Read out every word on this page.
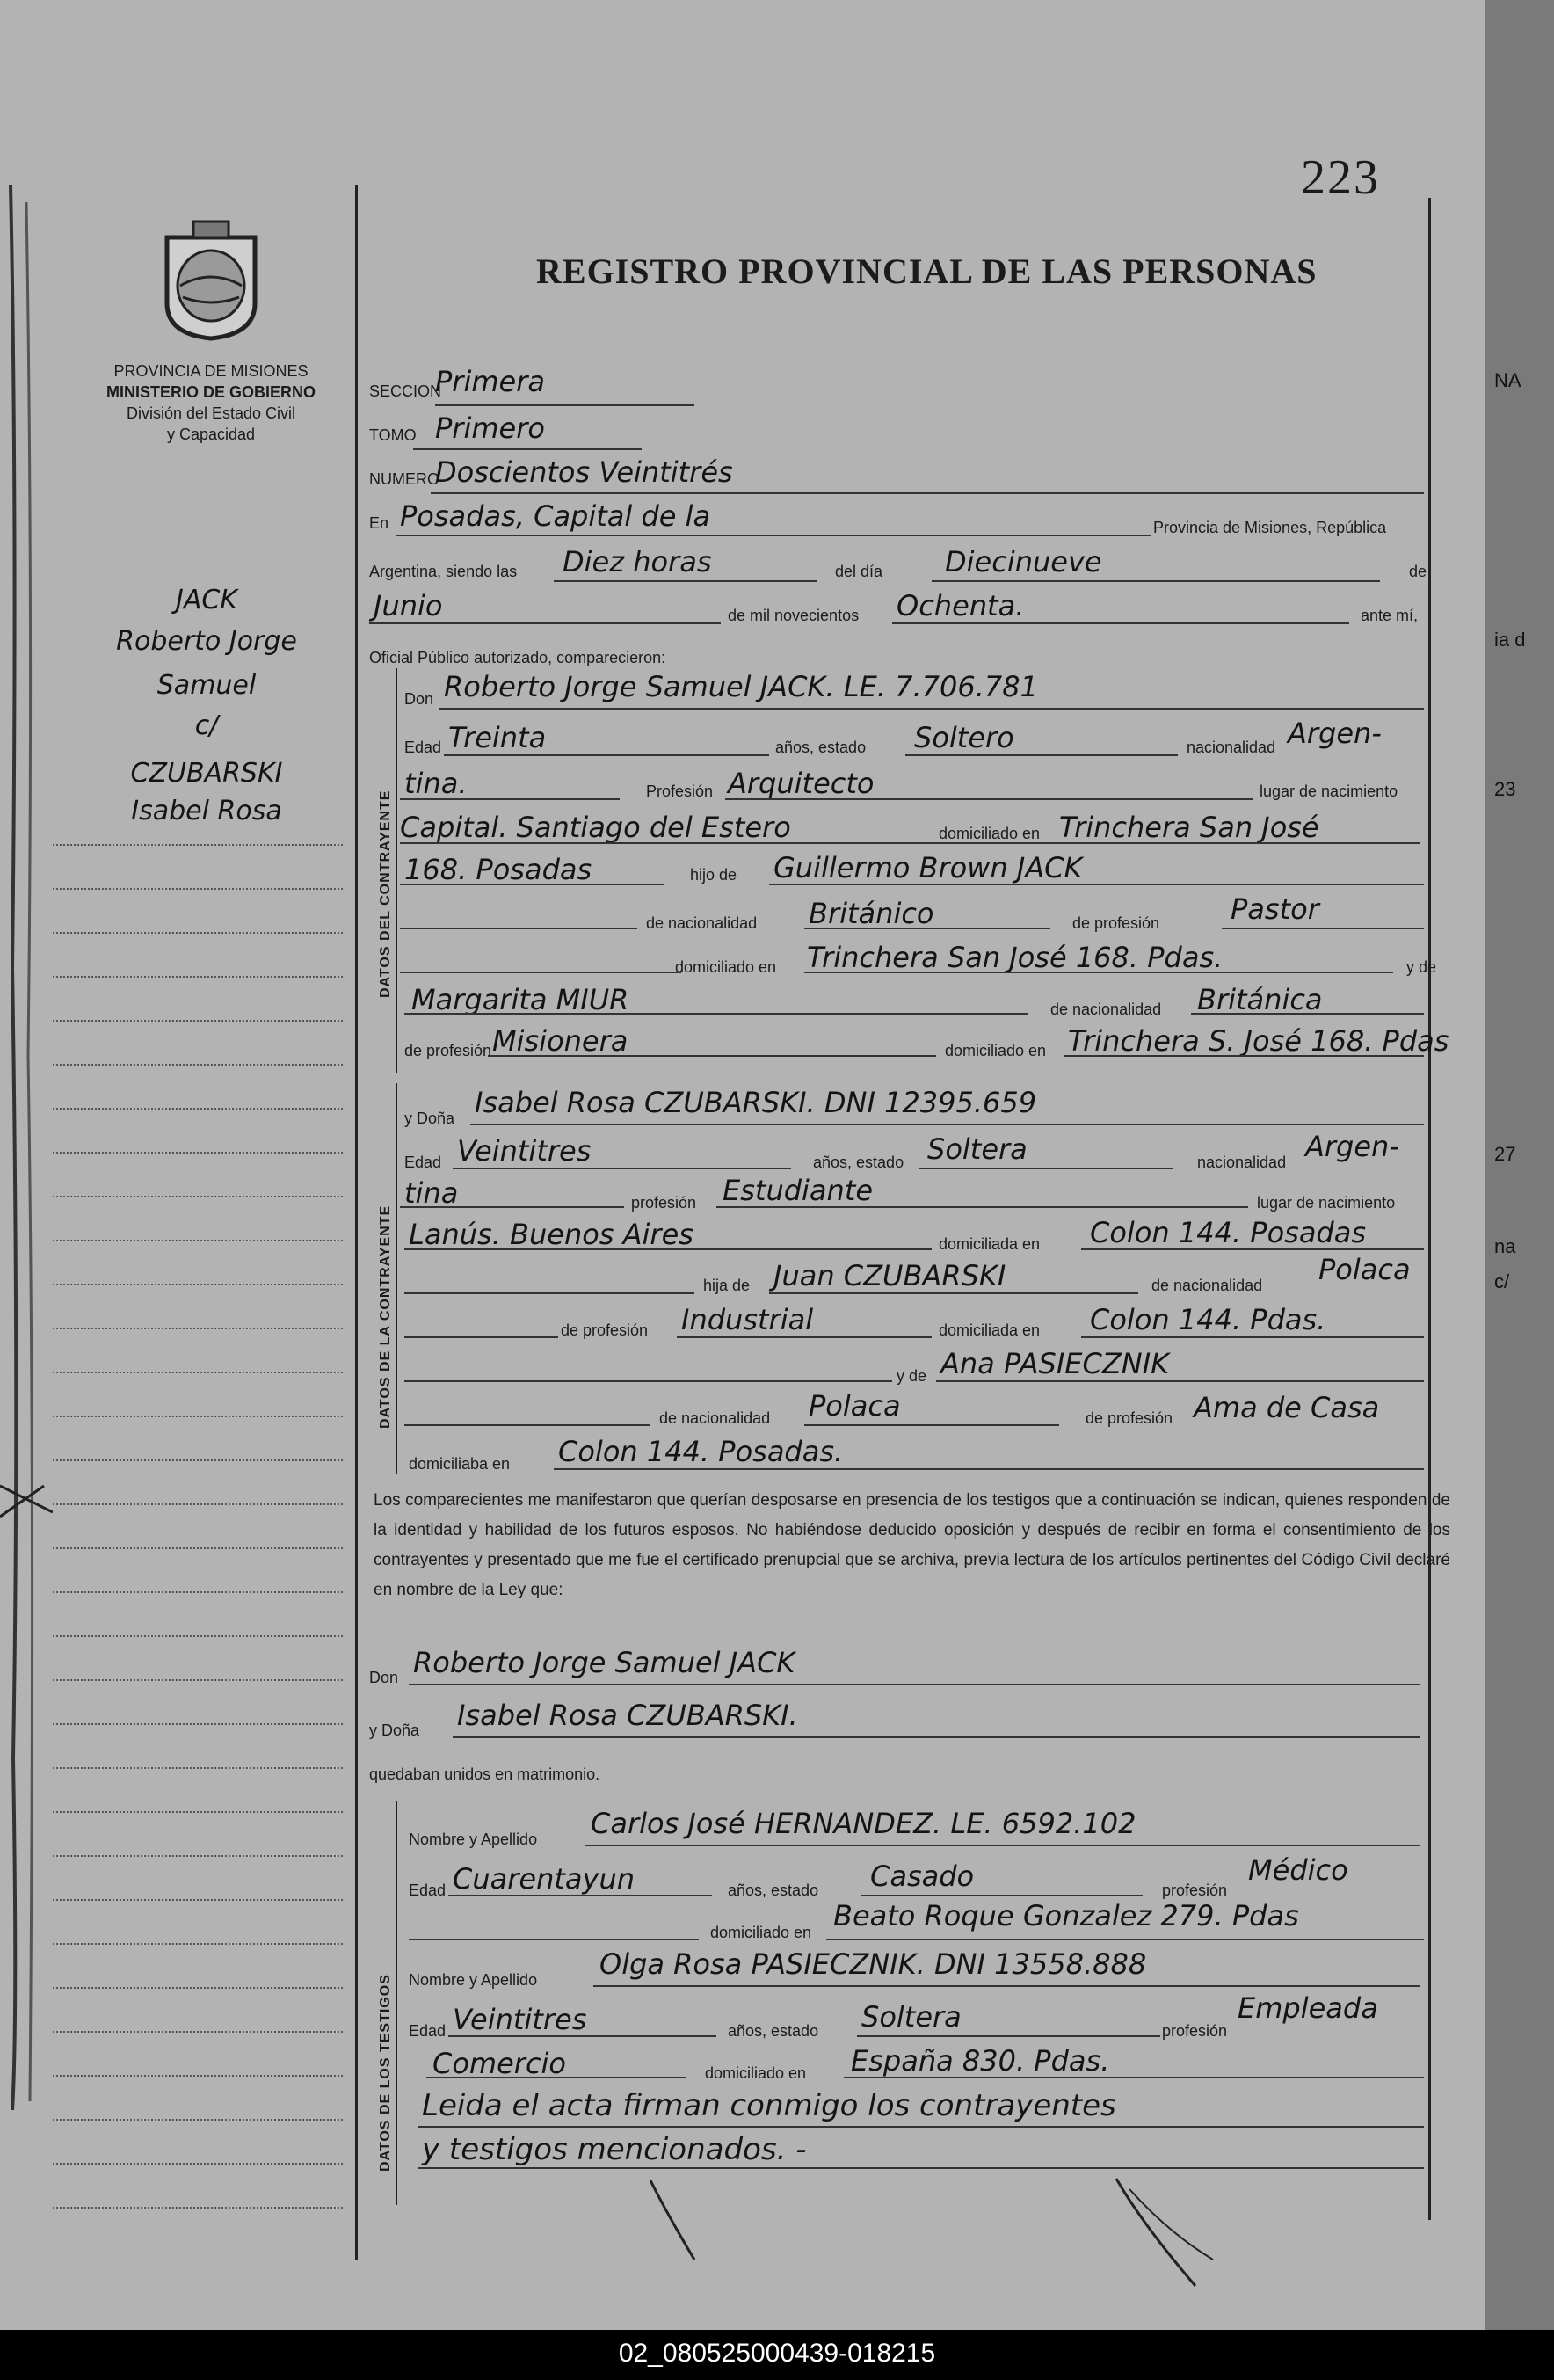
223
REGISTRO PROVINCIAL DE LAS PERSONAS
PROVINCIA DE MISIONES
MINISTERIO DE GOBIERNO
División del Estado Civil
y Capacidad
JACK
Roberto Jorge
Samuel
c/
CZUBARSKI
Isabel Rosa	DATOS DEL CONTRAYENTE
DATOS DE LA CONTRAYENTE
DATOS DE LOS TESTIGOS
SECCION
Primera
TOMO Primero
NUMERO
Doscientos Veintitrés
En Posadas, Capital de la	Provincia de Misiones, República
Argentina, siendo las Diez horas	del día Diecinueve	de
Junio	de mil novecientos Ochenta.	ante mí,
Oficial Público autorizado, comparecieron:
Don Roberto Jorge Samuel JACK. LE. 7.706.781
Edad Treinta	años, estado Soltero	nacionalidad Argen-
tina.	Profesión Arquitecto	lugar de nacimiento
Capital. Santiago del Estero	domiciliado en Trinchera San José
168. Posadas	hijo de Guillermo Brown JACK
de nacionalidad Británico	de profesión	Pastor
domiciliado en Trinchera San José 168. Pdas.	y de
Margarita MIUR	de nacionalidad Británica
de profesión Misionera	domiciliado en Trinchera S. José 168. Pdas
y Doña Isabel Rosa CZUBARSKI. DNI 12395.659
Edad Veintitres	años, estado Soltera	nacionalidad Argen-
tina	profesión Estudiante	lugar de nacimiento
Lanús. Buenos Aires	domiciliada en Colon 144. Posadas
hija de Juan CZUBARSKI	de nacionalidad Polaca
de profesión Industrial	domiciliada en Colon 144. Pdas.
y de Ana PASIECZNIK
de nacionalidad Polaca	de profesión Ama de Casa
domiciliaba en Colon 144. Posadas.
Los comparecientes me manifestaron que querían desposarse en presencia de los testigos que a continuación se indican, quienes responden de la identidad y habilidad de los futuros esposos. No habiéndose deducido oposición y después de recibir en forma el consentimiento de los contrayentes y presentado que me fue el certificado prenupcial que se archiva, previa lectura de los artículos pertinentes del Código Civil declaré en nombre de la Ley que:
Don Roberto Jorge Samuel JACK
y Doña Isabel Rosa CZUBARSKI.
quedaban unidos en matrimonio.
Nombre y Apellido Carlos José HERNANDEZ. LE. 6592.102
Edad Cuarentayun	años, estado Casado	profesión
Médico
domiciliado en Beato Roque Gonzalez 279. Pdas
Nombre y Apellido Olga Rosa PASIECZNIK. DNI 13558.888
Edad Veintitres	años, estado Soltera	profesión
Empleada
Comercio	domiciliado en España 830. Pdas.
Leida el acta firman conmigo los contrayentes
y testigos mencionados. -
NA
ia d
23
27
na
c/
02_080525000439-018215
